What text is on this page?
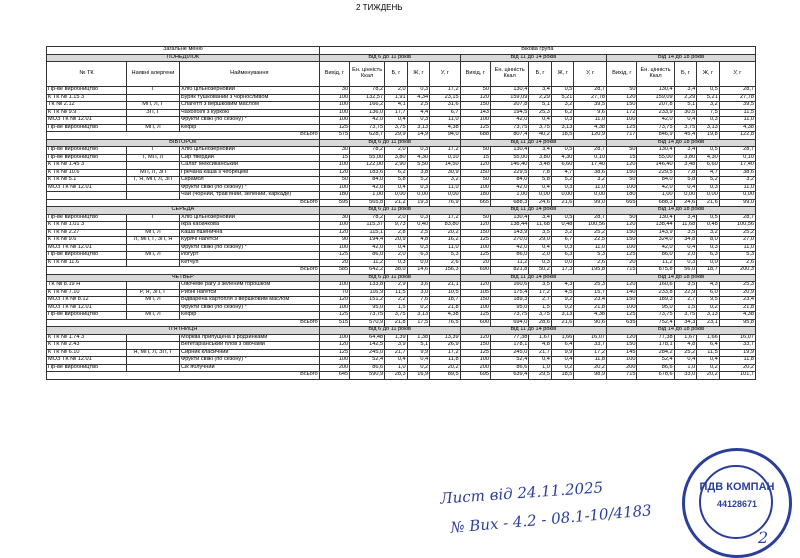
2 ТИЖДЕНЬ
Загальне меню			Вікова група														
ПОНЕДІЛОК			Від 6 до 11 років					Від 11 до 14 років					Від 14 до 18 років				
№ ТК	Наявні алергени	Найменування	Вихід, г	Ен. цінність Ккал	Б, г	Ж, г	У, г	Вихід, г	Ен. цінність Ккал	Б, г	Ж, г	У, г	Вихід, г	Ен. цінність Ккал	Б, г	Ж, г	У, г
Пр-ве виробництво	Г	Хліб цільнозерновий	30	78,2	2,0	0,3	17,2	50	130,4	3,4	0,5	28,7	50	130,4	3,4	0,5	28,7
К ТК № 1.15 3		Буряк тушкований з чорносливом	100	132,57	1,91	4,34	23,15	120	159,09	2,29	5,21	27,78	120	159,09	2,29	5,21	27,78
ТК № 2.12	МП, Л, Г	Спагетті з вершковим маслом	100	166,2	4,1	2,5	31,6	150	207,8	5,1	3,2	39,5	150	207,8	5,1	3,2	39,5
К ТК № 9.9	ЗП, Г	Чахохбілі з куркою	100	136,0	17,7	4,4	6,7	143	194,5	25,3	6,2	9,6	172	233,9	30,5	7,5	11,5
МОЗ ТК № 12.01		Фрукти свіжі (по сезону) *	100	42,0	0,4	0,3	11,0	100	42,0	0,4	0,3	11,0	100	42,0	0,4	0,3	11,0
Пр-ве виробництво	МП, Л	Кефір	125	73,75	3,75	3,13	4,38	125	73,75	3,75	3,13	4,38	125	73,75	3,75	3,13	4,38
Всього			575	628,7	29,9	14,9	94,0	688	807,4	40,2	18,5	120,9	717	846,9	45,4	19,8	122,8
ВІВТОРОК			Від 6 до 11 років					Від 11 до 14 років					Від 14 до 18 років				
Пр-ве виробництво	Г	Хліб цільнозерновий	30	78,2	2,0	0,3	17,2	50	130,4	3,4	0,5	28,7	50	130,4	3,4	0,5	28,7
Пр-ве виробництво	Г, МП, Л	Сир твердий	15	55,00	3,80	4,30	0,10	15	55,00	3,80	4,30	0,10	15	55,00	3,80	4,30	0,10
К ТК № 1.45 3		Салат Мексиканський	100	122,00	2,90	5,50	14,50	120	146,40	3,48	6,60	17,40	120	146,40	3,48	6,60	17,40
К ТК № 10.6	МП, Л, ЗП	Гречана каша з чебрецем	120	183,6	6,2	3,8	30,9	150	229,5	7,8	4,7	38,6	150	229,5	7,8	4,7	38,6
К ТК № 5.1	Г, Я, МП, Л, ЗП	Скрамбл	50	84,0	5,8	5,2	3,2	50	84,0	5,8	5,2	3,2	50	84,0	5,8	5,2	3,2
МОЗ ТК № 12.01		Фрукти свіжі (по сезону) *	100	42,0	0,4	0,3	11,0	100	42,0	0,4	0,3	11,0	100	42,0	0,4	0,3	11,0
		Чай (чорний, трав'яний, зелений, каркаде)	180	1,00	0,00	0,00	0,00	180	1,00	0,00	0,00	0,00	180	1,00	0,00	0,00	0,00
Всього			595	565,8	21,2	19,3	76,9	665	688,3	24,6	21,6	99,0	665	688,3	24,6	21,6	99,0
СЕРЕДА			Від 6 до 11 років					Від 11 до 14 років					Від 14 до 18 років				
Пр-ве виробництво	Г	Хліб цільнозерновий	30	78,2	2,0	0,3	17,2	50	130,4	3,4	0,5	28,7	50	130,4	3,4	0,5	28,7
К ТК № 1.01 3		Ікра кабачкова	100	115,37	9,73	0,40	83,80	120	138,44	11,68	0,48	100,56	120	138,44	11,68	0,48	100,56
К ТК № 2.27	МП, Л	Каша пшенична	120	115,1	2,8	2,5	20,2	150	143,9	3,5	3,2	25,2	150	143,9	3,5	3,2	25,2
К ТК № 9.6	Л, МП, Г, ЗП, Я	Курячі нагетси	90	194,4	20,9	4,8	16,2	125	270,0	29,0	6,7	22,5	150	324,0	34,8	8,0	27,0
МОЗ ТК № 12.01		Фрукти свіжі (по сезону) *	100	42,0	0,4	0,3	11,0	100	42,0	0,4	0,3	11,0	100	42,0	0,4	0,3	11,0
Пр-ве виробництво	МП, Л	Йогурт	125	86,0	2,0	6,3	5,3	125	86,0	2,0	6,3	5,3	125	86,0	2,0	6,3	5,3
К ТК № 11.6		Кетчуп	20	11,2	0,3	0,0	2,6	20	11,2	0,3	0,0	2,6	20	11,2	0,3	0,0	2,6
Всього			585	642,2	38,0	14,6	156,3	690	821,8	50,2	17,3	195,8	715	875,8	56,0	18,7	200,3
ЧЕТВЕР			Від 6 до 11 років					Від 11 до 14 років					Від 14 до 18 років				
ТК № 8.19 Н		Овочеве рагу з зеленим горошком	100	133,8	2,9	3,6	21,1	120	160,6	3,5	4,3	25,3	120	160,6	3,5	4,3	25,3
К ТК № 7.10	Р, Я, ЗП, Г	Рибні нагетси	70	116,9	11,5	3,0	10,5	105	175,4	17,2	4,5	15,7	140	233,8	22,9	6,0	20,9
МОЗ ТК № 8.12	МП, Л	Відварена картопля з вершковим маслом	120	151,2	2,2	7,6	18,7	150	189,3	2,7	9,2	23,4	150	189,3	2,7	9,5	23,4
МОЗ ТК № 12.01		Фрукти свіжі (по сезону) *	100	95,0	1,5	0,2	21,8	100	95,0	1,5	0,2	21,8	100	95,0	1,5	0,2	21,8
Пр-ве виробництво	МП, Л	Кефір	125	73,75	3,75	3,13	4,38	125	73,75	3,75	3,13	4,38	125	73,75	3,75	3,13	4,38
Всього			515	570,9	21,8	17,5	76,5	600	694,0	28,6	21,6	90,6	635	752,4	34,3	23,1	95,8
П'ЯТНИЦЯ			Від 6 до 11 років					Від 11 до 14 років					Від 14 до 18 років				
К ТК № 1.74 3		Морква припущена з родзинками	100	64,48	1,39	1,38	13,39	120	77,38	1,67	1,66	16,07	120	77,38	1,67	1,66	16,07
К ТК № 2.43		Вегетаріанський плов з овочами	120	142,5	3,9	5,1	26,9	150	178,1	4,8	6,4	33,7	150	178,1	4,8	6,4	33,7
К ТК № 6.10	Я, МП, Л, ЗП, Г	Сирник класичний	125	245,0	21,7	9,9	17,2	125	245,0	21,7	9,9	17,2	145	284,2	25,2	11,5	19,9
МОЗ ТК № 12.01		Фрукти свіжі (по сезону) *	100	52,4	0,4	0,4	11,8	100	52,4	0,4	0,4	11,8	100	52,4	0,4	0,4	11,8
Пр-ве виробництво		Сік яблучний	200	86,6	1,0	0,2	20,2	200	86,6	1,0	0,2	20,2	200	86,6	1,0	0,2	20,2
Всього			645	590,9	28,3	16,9	89,5	695	639,4	29,5	18,5	98,9	715	678,6	33,0	20,2	101,7
Лист від 24.11.2025
№ Вих - 4.2 - 08.1-10/4183
2
ПДВ КОМПАН
44128671
